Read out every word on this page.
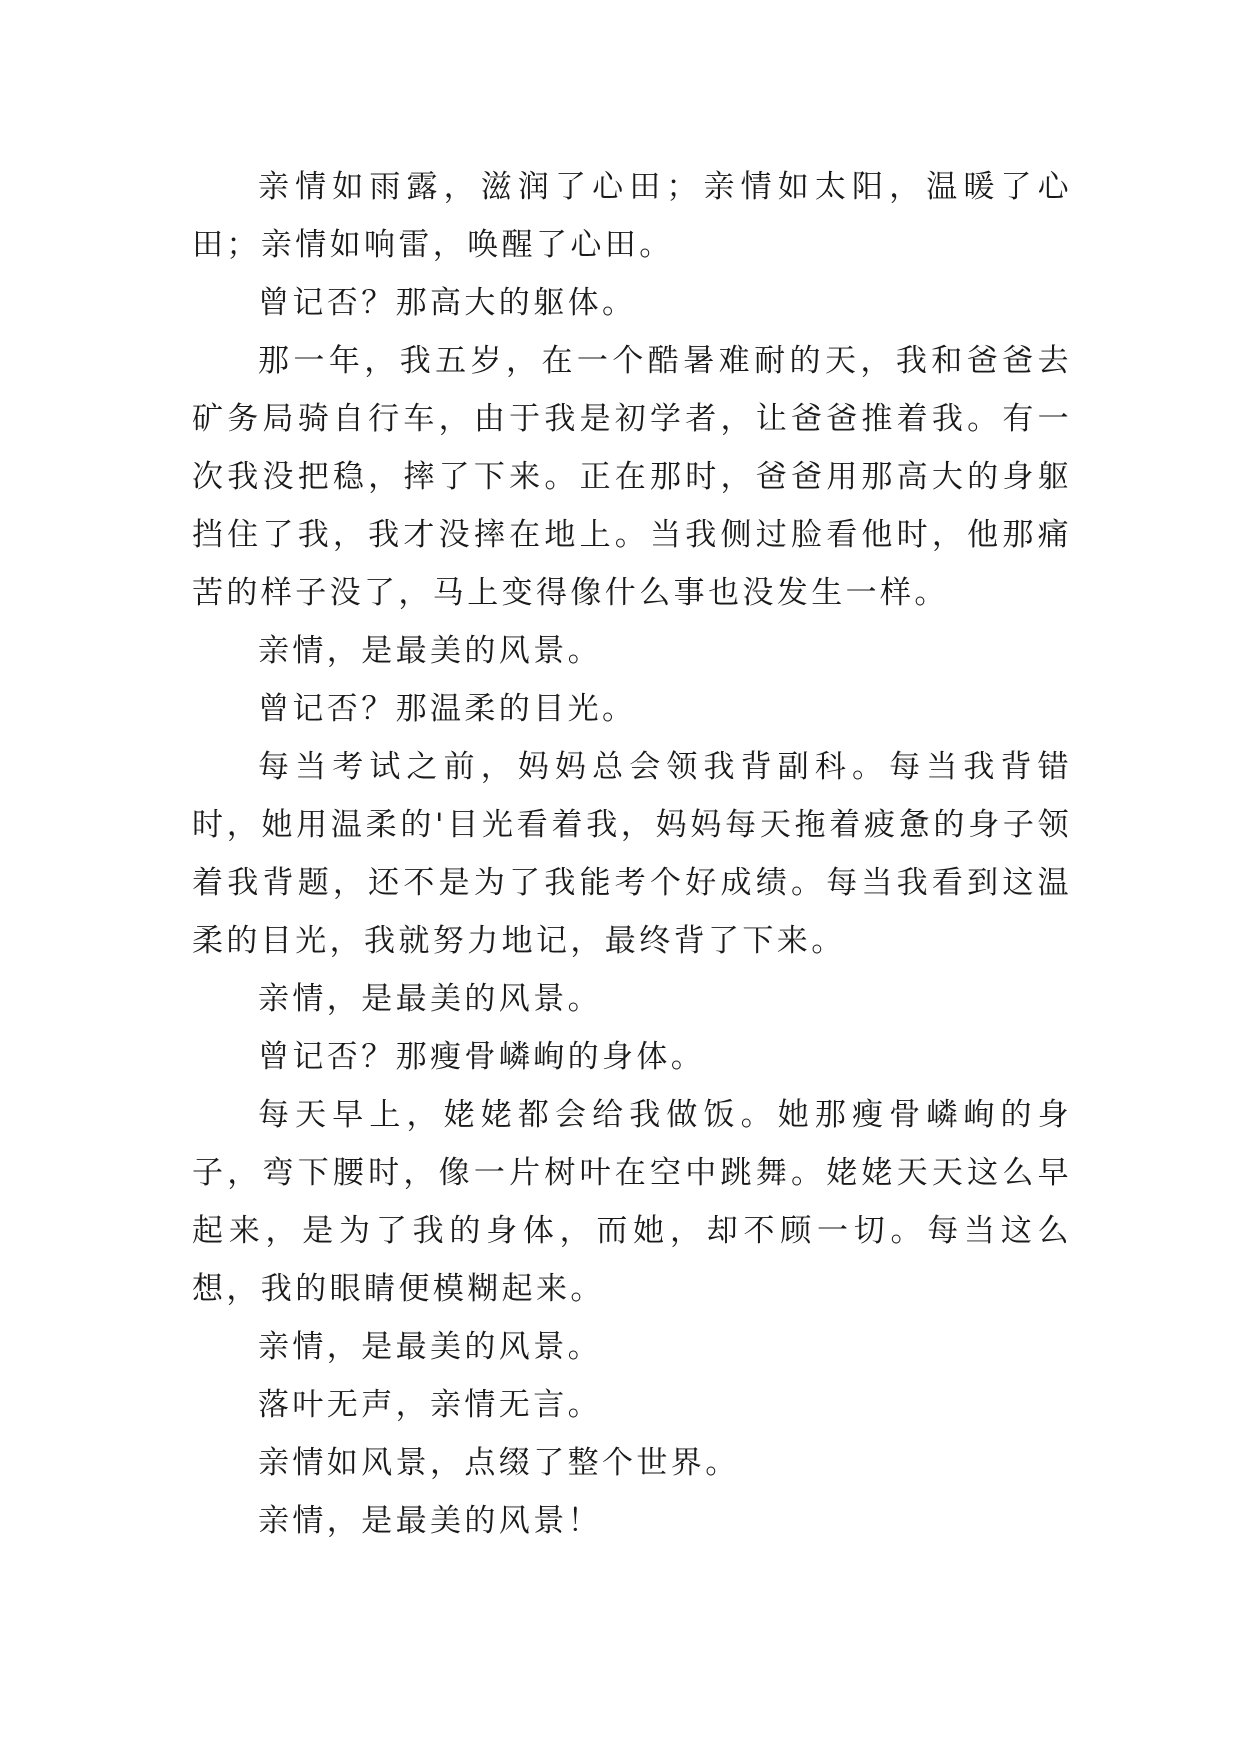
亲情如雨露，滋润了心田；亲情如太阳，温暖了心田；亲情如响雷，唤醒了心田。

曾记否？那高大的躯体。

那一年，我五岁，在一个酷暑难耐的天，我和爸爸去矿务局骑自行车，由于我是初学者，让爸爸推着我。有一次我没把稳，摔了下来。正在那时，爸爸用那高大的身躯挡住了我，我才没摔在地上。当我侧过脸看他时，他那痛苦的样子没了，马上变得像什么事也没发生一样。

亲情，是最美的风景。

曾记否？那温柔的目光。

每当考试之前，妈妈总会领我背副科。每当我背错时，她用温柔的'目光看着我，妈妈每天拖着疲惫的身子领着我背题，还不是为了我能考个好成绩。每当我看到这温柔的目光，我就努力地记，最终背了下来。

亲情，是最美的风景。

曾记否？那瘦骨嶙峋的身体。

每天早上，姥姥都会给我做饭。她那瘦骨嶙峋的身子，弯下腰时，像一片树叶在空中跳舞。姥姥天天这么早起来，是为了我的身体，而她，却不顾一切。每当这么想，我的眼睛便模糊起来。

亲情，是最美的风景。

落叶无声，亲情无言。

亲情如风景，点缀了整个世界。

亲情，是最美的风景！
